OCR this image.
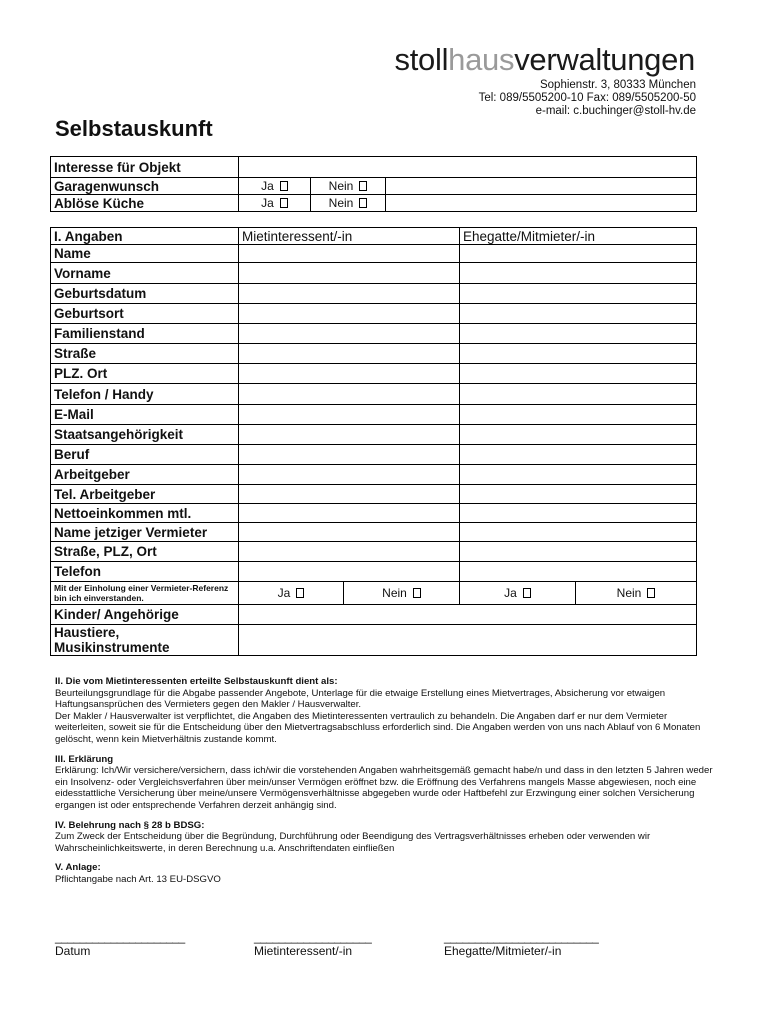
stollhausverwaltungen
Sophienstr. 3, 80333 München
Tel: 089/5505200-10 Fax: 089/5505200-50
e-mail: c.buchinger@stoll-hv.de
Selbstauskunft
Interesse für Objekt			
Garagenwunsch	Ja	Nein	
Ablöse Küche	Ja	Nein	
I. Angaben	Mietinteressent/-in		Ehegatte/Mitmieter/-in	
Name				
Vorname				
Geburtsdatum				
Geburtsort				
Familienstand				
Straße				
PLZ. Ort				
Telefon / Handy				
E-Mail				
Staatsangehörigkeit				
Beruf				
Arbeitgeber				
Tel. Arbeitgeber				
Nettoeinkommen mtl.				
Name jetziger Vermieter				
Straße, PLZ, Ort				
Telefon				
Mit der Einholung einer Vermieter-Referenz bin ich einverstanden.	Ja	Nein	Ja	Nein
Kinder/ Angehörige				
Haustiere, Musikinstrumente				
II. Die vom Mietinteressenten erteilte Selbstauskunft dient als:
Beurteilungsgrundlage für die Abgabe passender Angebote, Unterlage für die etwaige Erstellung eines Mietvertrages, Absicherung vor etwaigen Haftungsansprüchen des Vermieters gegen den Makler / Hausverwalter.

Der Makler / Hausverwalter ist verpflichtet, die Angaben des Mietinteressenten vertraulich zu behandeln. Die Angaben darf er nur dem Vermieter weiterleiten, soweit sie für die Entscheidung über den Mietvertragsabschluss erforderlich sind. Die Angaben werden von uns nach Ablauf von 6 Monaten gelöscht, wenn kein Mietverhältnis zustande kommt.

III. Erklärung

Erklärung: Ich/Wir versichere/versichern, dass ich/wir die vorstehenden Angaben wahrheitsgemäß gemacht habe/n und dass in den letzten 5 Jahren weder ein Insolvenz- oder Vergleichsverfahren über mein/unser Vermögen eröffnet bzw. die Eröffnung des Verfahrens mangels Masse abgewiesen, noch eine eidesstattliche Versicherung über meine/unsere Vermögensverhältnisse abgegeben wurde oder Haftbefehl zur Erzwingung einer solchen Versicherung ergangen ist oder entsprechende Verfahren derzeit anhängig sind.

IV. Belehrung nach § 28 b BDSG:

Zum Zweck der Entscheidung über die Begründung, Durchführung oder Beendigung des Vertragsverhältnisses erheben oder verwenden wir Wahrscheinlichkeitswerte, in deren Berechnung u.a. Anschriftendaten einfließen

V. Anlage:

Pflichtangabe nach Art. 13 EU-DSGVO

_____________________
Datum
___________________
Mietinteressent/-in
_________________________
Ehegatte/Mitmieter/-in
